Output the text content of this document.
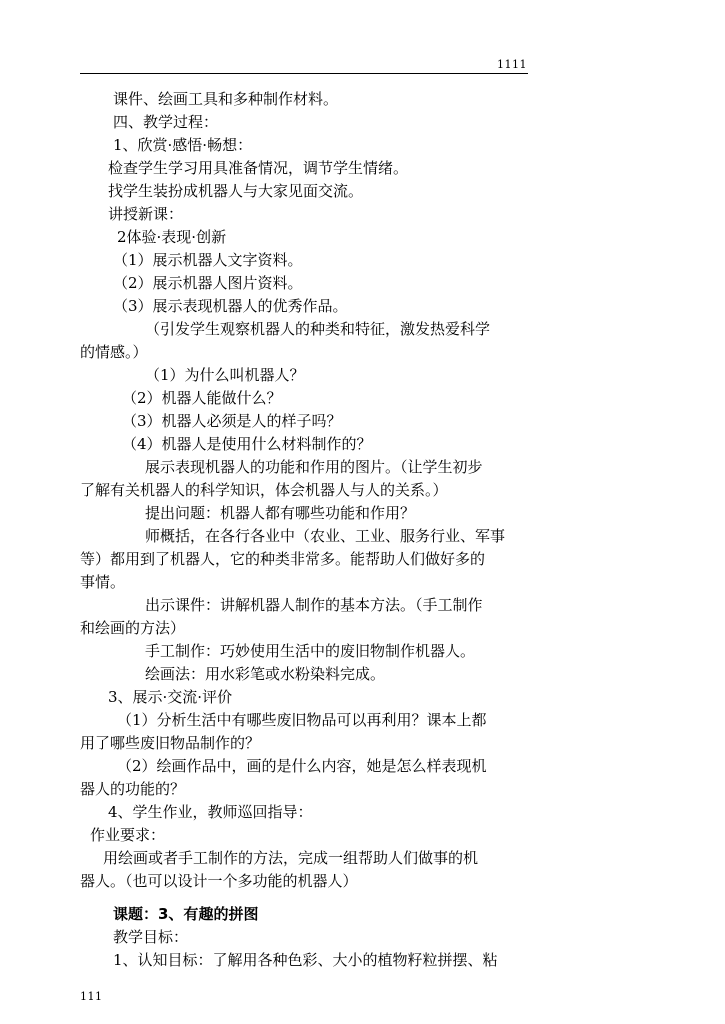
1111
课件、绘画工具和多种制作材料。
四、教学过程：
1、欣赏·感悟·畅想：
检查学生学习用具准备情况，调节学生情绪。
找学生装扮成机器人与大家见面交流。
讲授新课：
2体验·表现·创新
（1）展示机器人文字资料。
（2）展示机器人图片资料。
（3）展示表现机器人的优秀作品。
（引发学生观察机器人的种类和特征，激发热爱科学
的情感。）
（1）为什么叫机器人？
（2）机器人能做什么？
（3）机器人必须是人的样子吗？
（4）机器人是使用什么材料制作的？
展示表现机器人的功能和作用的图片。（让学生初步
了解有关机器人的科学知识，体会机器人与人的关系。）
提出问题：机器人都有哪些功能和作用？
师概括，在各行各业中（农业、工业、服务行业、军事
等）都用到了机器人，它的种类非常多。能帮助人们做好多的
事情。
出示课件：讲解机器人制作的基本方法。（手工制作
和绘画的方法）
手工制作：巧妙使用生活中的废旧物制作机器人。
绘画法：用水彩笔或水粉染料完成。
3、展示·交流·评价
（1）分析生活中有哪些废旧物品可以再利用？课本上都
用了哪些废旧物品制作的？
（2）绘画作品中，画的是什么内容，她是怎么样表现机
器人的功能的？
4、学生作业，教师巡回指导：
作业要求：
用绘画或者手工制作的方法，完成一组帮助人们做事的机
器人。（也可以设计一个多功能的机器人）
课题：3、有趣的拼图
教学目标：
1、认知目标：了解用各种色彩、大小的植物籽粒拼摆、粘
111
